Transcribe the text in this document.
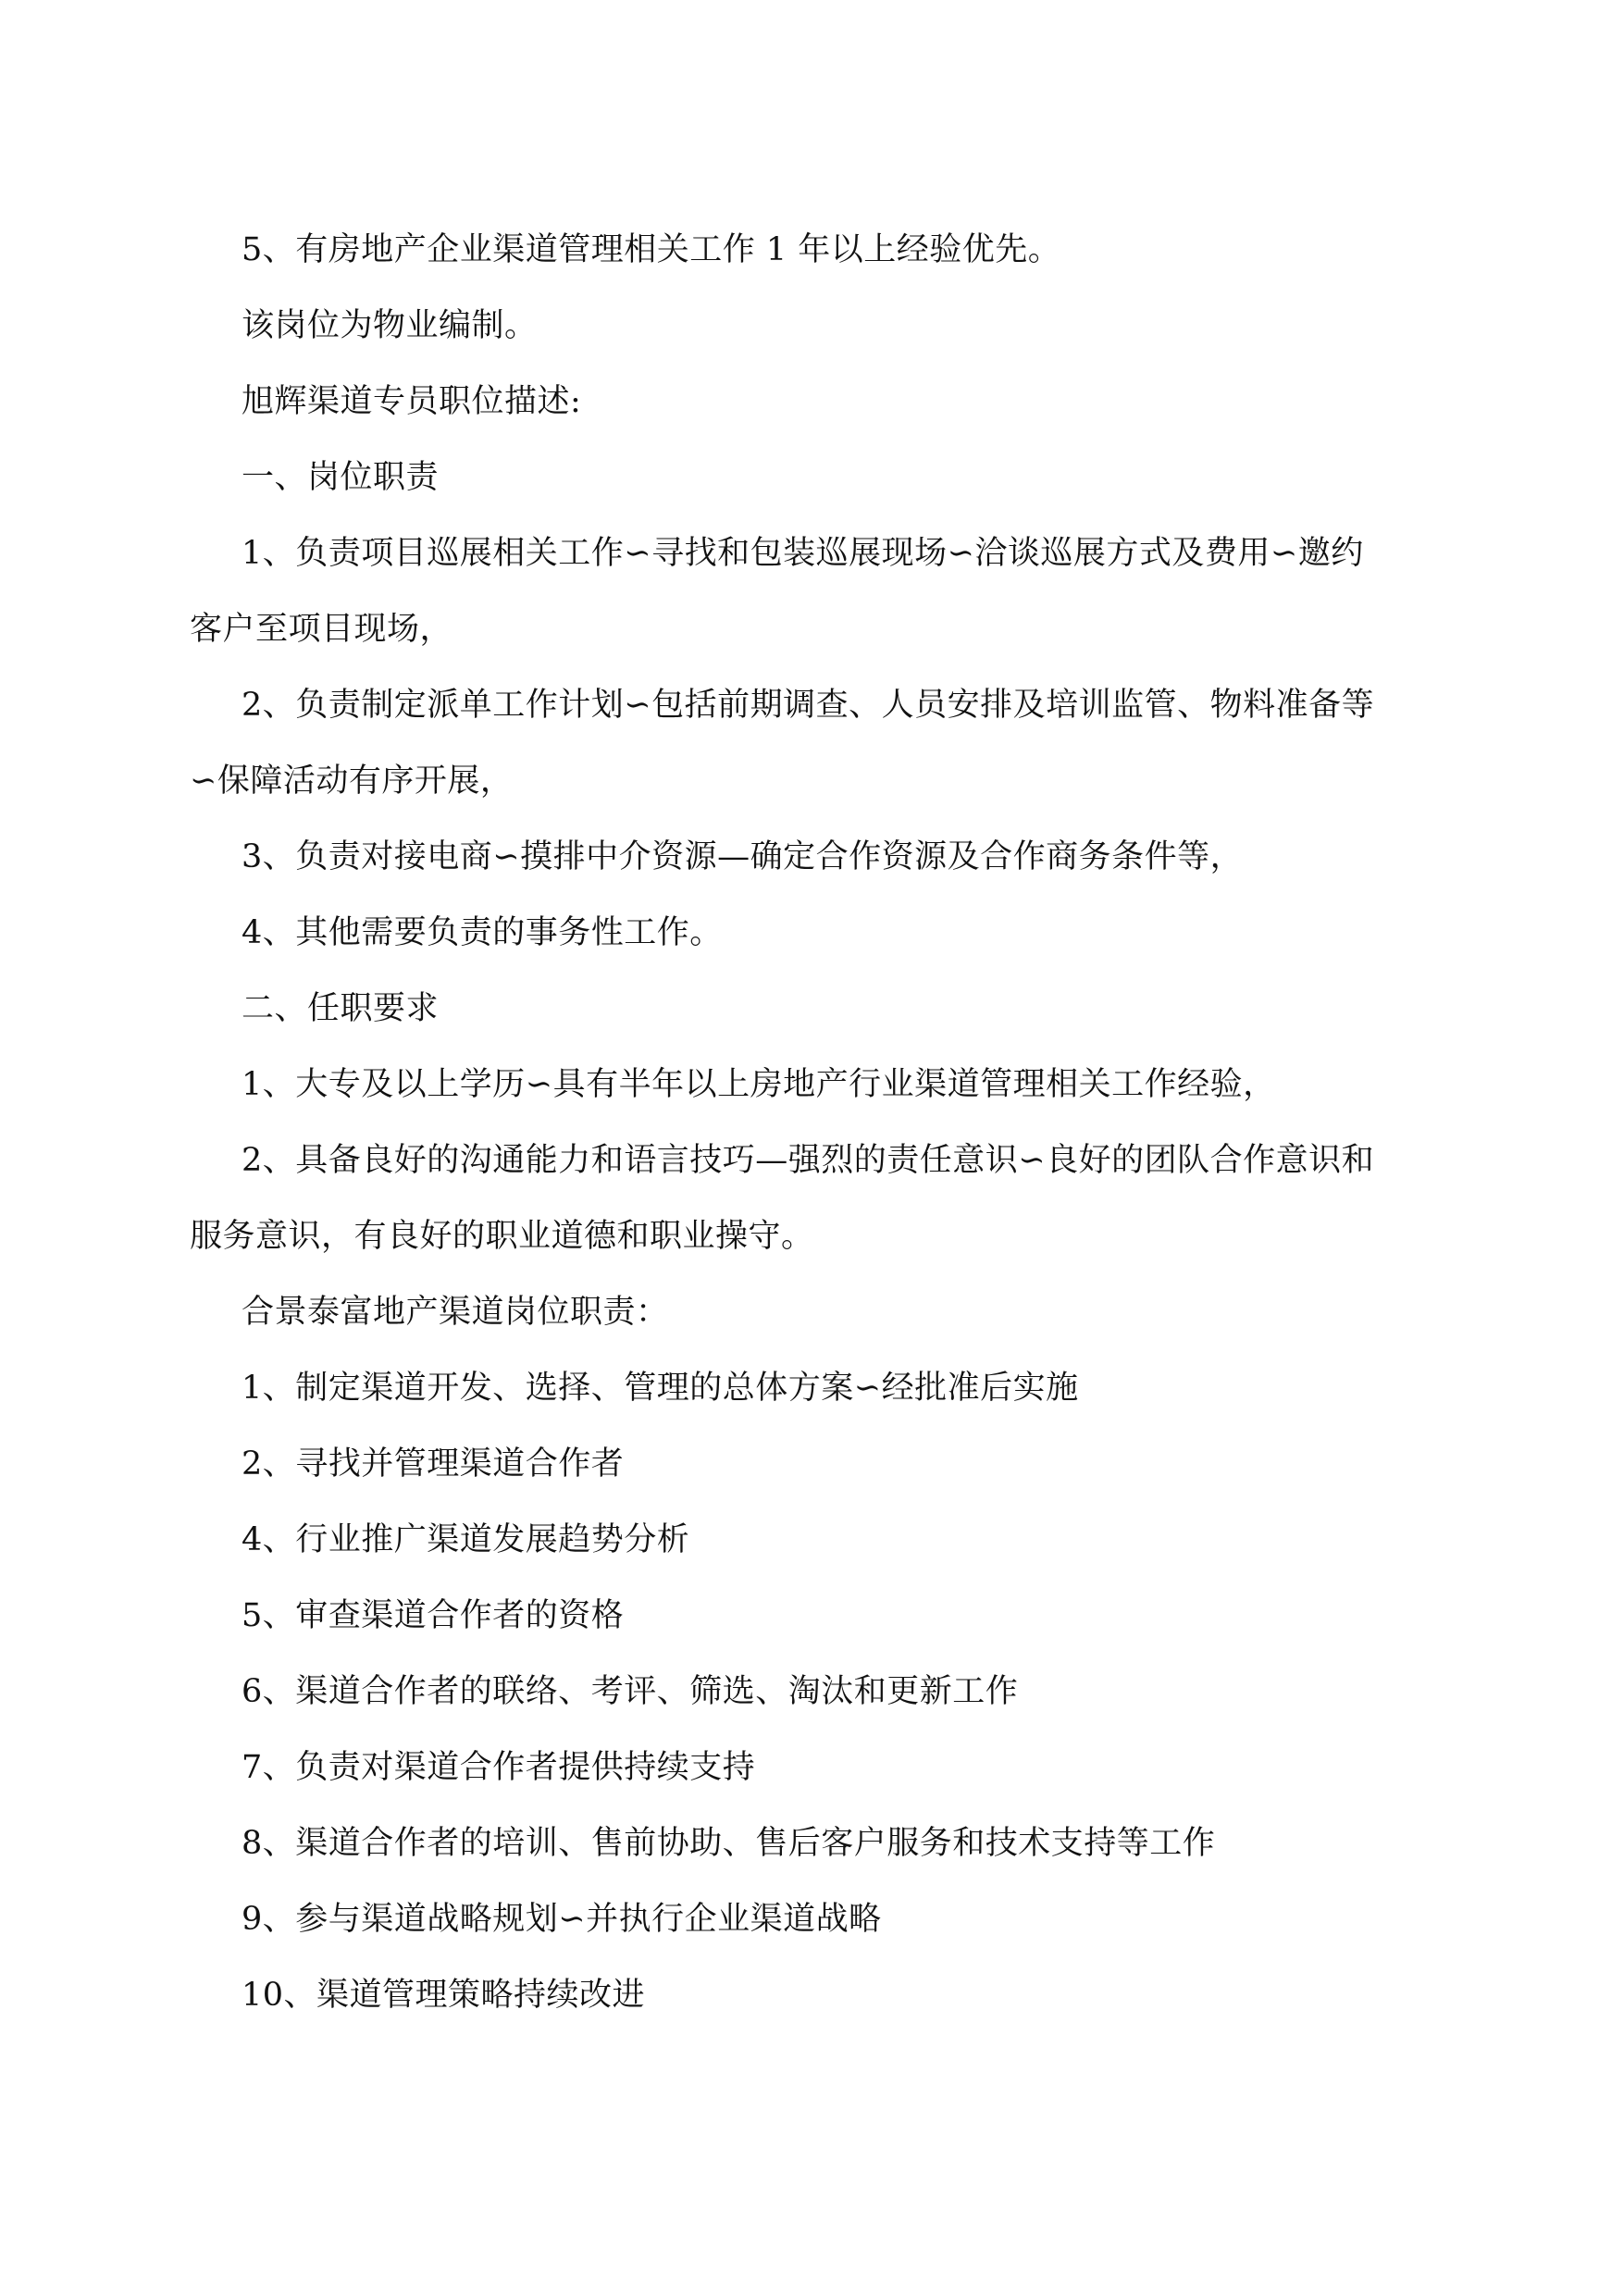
5、有房地产企业渠道管理相关工作 1 年以上经验优先。
该岗位为物业编制。
旭辉渠道专员职位描述:
一、岗位职责
1、负责项目巡展相关工作∽寻找和包装巡展现场∽洽谈巡展方式及费用∽邀约
客户至项目现场，
2、负责制定派单工作计划∽包括前期调查、人员安排及培训监管、物料准备等
∽保障活动有序开展，
3、负责对接电商∽摸排中介资源—确定合作资源及合作商务条件等，
4、其他需要负责的事务性工作。
二、任职要求
1、大专及以上学历∽具有半年以上房地产行业渠道管理相关工作经验，
2、具备良好的沟通能力和语言技巧—强烈的责任意识∽良好的团队合作意识和
服务意识，有良好的职业道德和职业操守。
合景泰富地产渠道岗位职责：
1、制定渠道开发、选择、管理的总体方案∽经批准后实施
2、寻找并管理渠道合作者
4、行业推广渠道发展趋势分析
5、审查渠道合作者的资格
6、渠道合作者的联络、考评、筛选、淘汰和更新工作
7、负责对渠道合作者提供持续支持
8、渠道合作者的培训、售前协助、售后客户服务和技术支持等工作
9、参与渠道战略规划∽并执行企业渠道战略
10、渠道管理策略持续改进
